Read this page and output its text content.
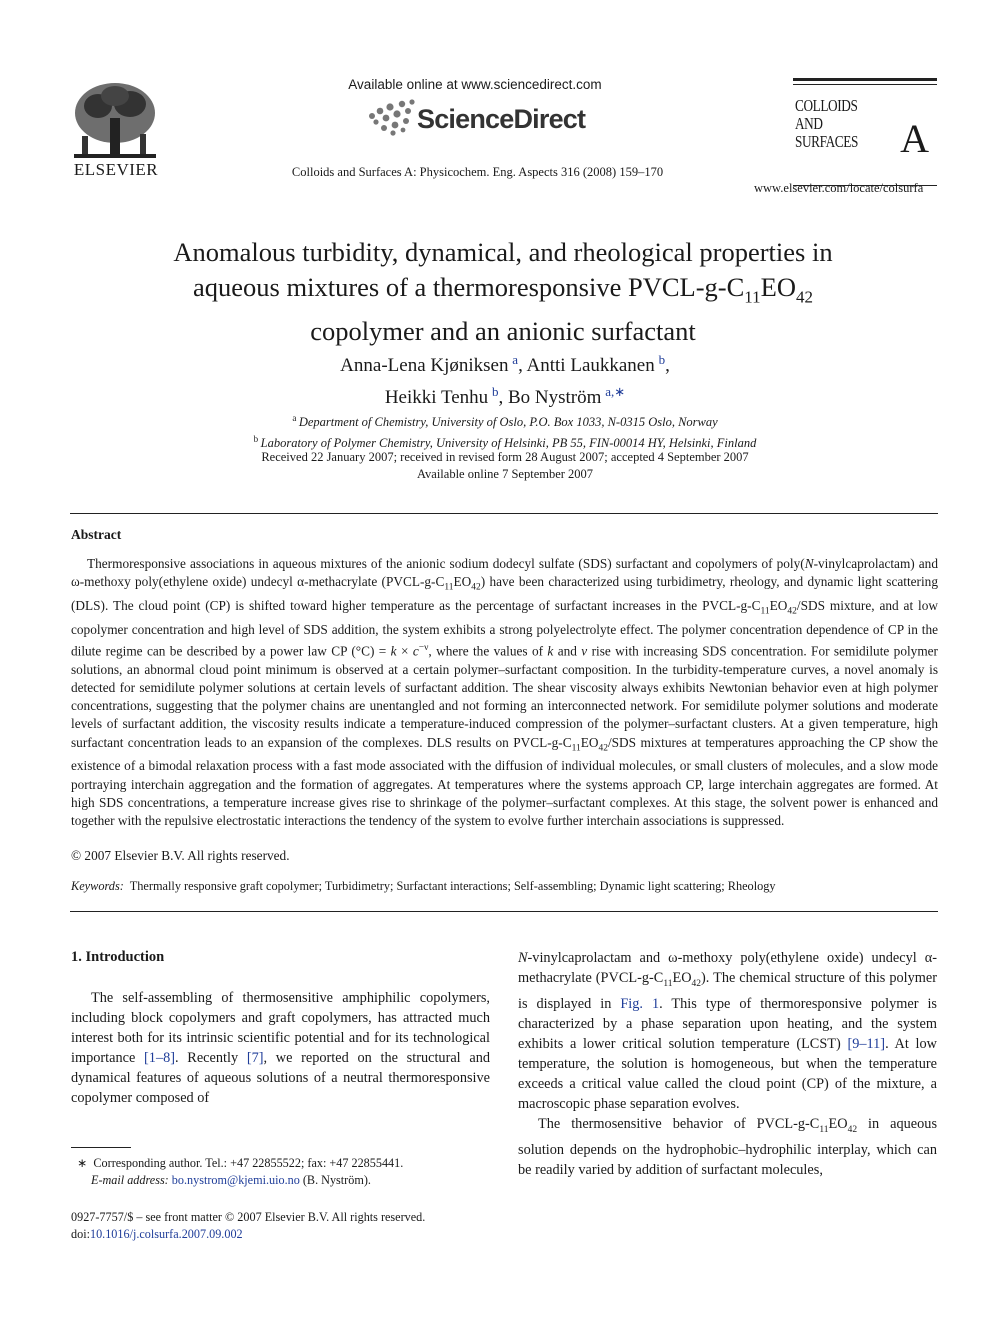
ELSEVIER
Available online at www.sciencedirect.com
ScienceDirect
Colloids and Surfaces A: Physicochem. Eng. Aspects 316 (2008) 159–170
COLLOIDS
AND
SURFACES A
www.elsevier.com/locate/colsurfa
Anomalous turbidity, dynamical, and rheological properties in
aqueous mixtures of a thermoresponsive PVCL-$g-C_{11}EO_{42}$
copolymer and an anionic surfactant
Anna-Lena Kjøniksen  $^a$, Antti Laukkanen  $^b$,
Heikki Tenhu  $^b$, Bo Nyström  $^{a,∗}$
$^a$  Department of Chemistry, University of Oslo, P.O. Box 1033, N-0315 Oslo, Norway
$^b$  Laboratory of Polymer Chemistry, University of Helsinki, PB 55, FIN-00014 HY, Helsinki, Finland
Received 22 January 2007; received in revised form 28 August 2007; accepted 4 September 2007
Available online 7 September 2007
Abstract
Thermoresponsive associations in aqueous mixtures of the anionic sodium dodecyl sulfate (SDS) surfactant and copolymers of poly(N-vinylcaprolactam) and ω-methoxy poly(ethylene oxide) undecyl α-methacrylate $(PVCL-g-C_{11}EO_{42})$ have been characterized using turbidimetry, rheology, and dynamic light scattering (DLS). The cloud point (CP) is shifted toward higher temperature as the percentage of surfactant increases in the PVCL-$g-C_{11}EO_{42}$/SDS mixture, and at low copolymer concentration and high level of SDS addition, the system exhibits a strong polyelectrolyte effect. The polymer concentration dependence of CP in the dilute regime can be described by a power law CP $(^\circ C) = k \times c^{-\nu}$, where the values of k and ν rise with increasing SDS concentration. For semidilute polymer solutions, an abnormal cloud point minimum is observed at a certain polymer–surfactant composition. In the turbidity-temperature curves, a novel anomaly is detected for semidilute polymer solutions at certain levels of surfactant addition. The shear viscosity always exhibits Newtonian behavior even at high polymer concentrations, suggesting that the polymer chains are unentangled and not forming an interconnected network. For semidilute polymer solutions and moderate levels of surfactant addition, the viscosity results indicate a temperature-induced compression of the polymer–surfactant clusters. At a given temperature, high surfactant concentration leads to an expansion of the complexes. DLS results on PVCL-$g-C_{11}EO_{42}$/SDS mixtures at temperatures approaching the CP show the existence of a bimodal relaxation process with a fast mode associated with the diffusion of individual molecules, or small clusters of molecules, and a slow mode portraying interchain aggregation and the formation of aggregates. At temperatures where the systems approach CP, large interchain aggregates are formed. At high SDS concentrations, a temperature increase gives rise to shrinkage of the polymer–surfactant complexes. At this stage, the solvent power is enhanced and together with the repulsive electrostatic interactions the tendency of the system to evolve further interchain associations is suppressed.
© 2007 Elsevier B.V. All rights reserved.
Keywords: Thermally responsive graft copolymer; Turbidimetry; Surfactant interactions; Self-assembling; Dynamic light scattering; Rheology
1. Introduction

The self-assembling of thermosensitive amphiphilic copolymers, including block copolymers and graft copolymers, has attracted much interest both for its intrinsic scientific potential and for its technological importance [1–8]. Recently [7], we reported on the structural and dynamical features of aqueous solutions of a neutral thermoresponsive copolymer composed of

N-vinylcaprolactam and ω-methoxy poly(ethylene oxide) undecyl α-methacrylate $(PVCL-g-C_{11}EO_{42})$. The chemical structure of this polymer is displayed in Fig. 1. This type of thermoresponsive polymer is characterized by a phase separation upon heating, and the system exhibits a lower critical solution temperature (LCST) [9–11]. At low temperature, the solution is homogeneous, but when the temperature exceeds a critical value called the cloud point (CP) of the mixture, a macroscopic phase separation evolves.

The thermosensitive behavior of PVCL-$g-C_{11}EO_{42}$ in aqueous solution depends on the hydrophobic–hydrophilic interplay, which can be readily varied by addition of surfactant molecules,

∗ Corresponding author. Tel.: +47 22855522; fax: +47 22855441.
E-mail address: bo.nystrom@kjemi.uio.no (B. Nyström).
0927-7757/$ – see front matter © 2007 Elsevier B.V. All rights reserved.
doi:10.1016/j.colsurfa.2007.09.002
